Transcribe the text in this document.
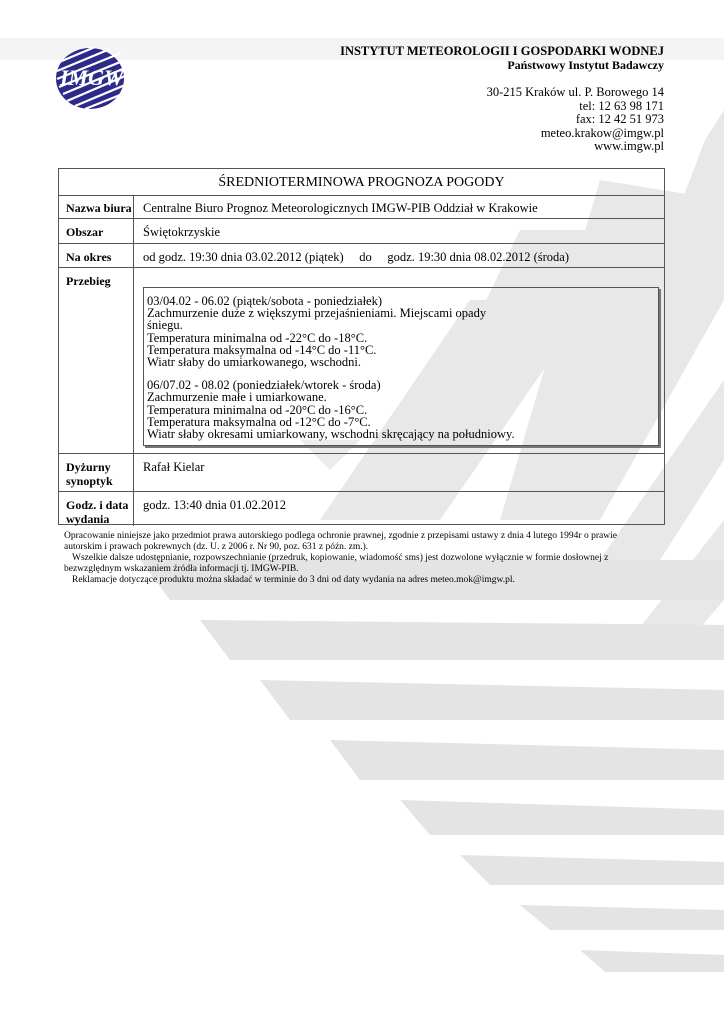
IMGW
INSTYTUT METEOROLOGII I GOSPODARKI WODNEJ
Państwowy Instytut Badawczy
30-215 Kraków ul. P. Borowego 14
tel: 12 63 98 171
fax: 12 42 51 973
meteo.krakow@imgw.pl
www.imgw.pl
ŚREDNIOTERMINOWA PROGNOZA POGODY
Nazwa biura Centralne Biuro Prognoz Meteorologicznych IMGW-PIB Oddział w Krakowie
Obszar	Świętokrzyskie
Na okres	od godz. 19:30 dnia 03.02.2012 (piątek)     do     godz. 19:30 dnia 08.02.2012 (środa)
Przebieg
03/04.02 - 06.02 (piątek/sobota - poniedziałek)
Zachmurzenie duże z większymi przejaśnieniami. Miejscami opady
śniegu.
Temperatura minimalna od -22°C do -18°C.
Temperatura maksymalna od -14°C do -11°C.
Wiatr słaby do umiarkowanego, wschodni.
06/07.02 - 08.02 (poniedziałek/wtorek - środa)
Zachmurzenie małe i umiarkowane.
Temperatura minimalna od -20°C do -16°C.
Temperatura maksymalna od -12°C do -7°C.
Wiatr słaby okresami umiarkowany, wschodni skręcający na południowy.
Dyżurny
synoptyk
Rafał Kielar
Godz. i data
wydania
godz. 13:40 dnia 01.02.2012
Opracowanie niniejsze jako przedmiot prawa autorskiego podlega ochronie prawnej, zgodnie z przepisami ustawy z dnia 4 lutego 1994r o prawie
autorskim i prawach pokrewnych (dz. U. z 2006 r. Nr 90, poz. 631 z późn. zm.).
Wszelkie dalsze udostępnianie, rozpowszechnianie (przedruk, kopiowanie, wiadomość sms) jest dozwolone wyłącznie w formie dosłownej z
bezwzględnym wskazaniem źródła informacji tj. IMGW-PIB.
Reklamacje dotyczące produktu można składać w terminie do 3 dni od daty wydania na adres meteo.mok@imgw.pl.
